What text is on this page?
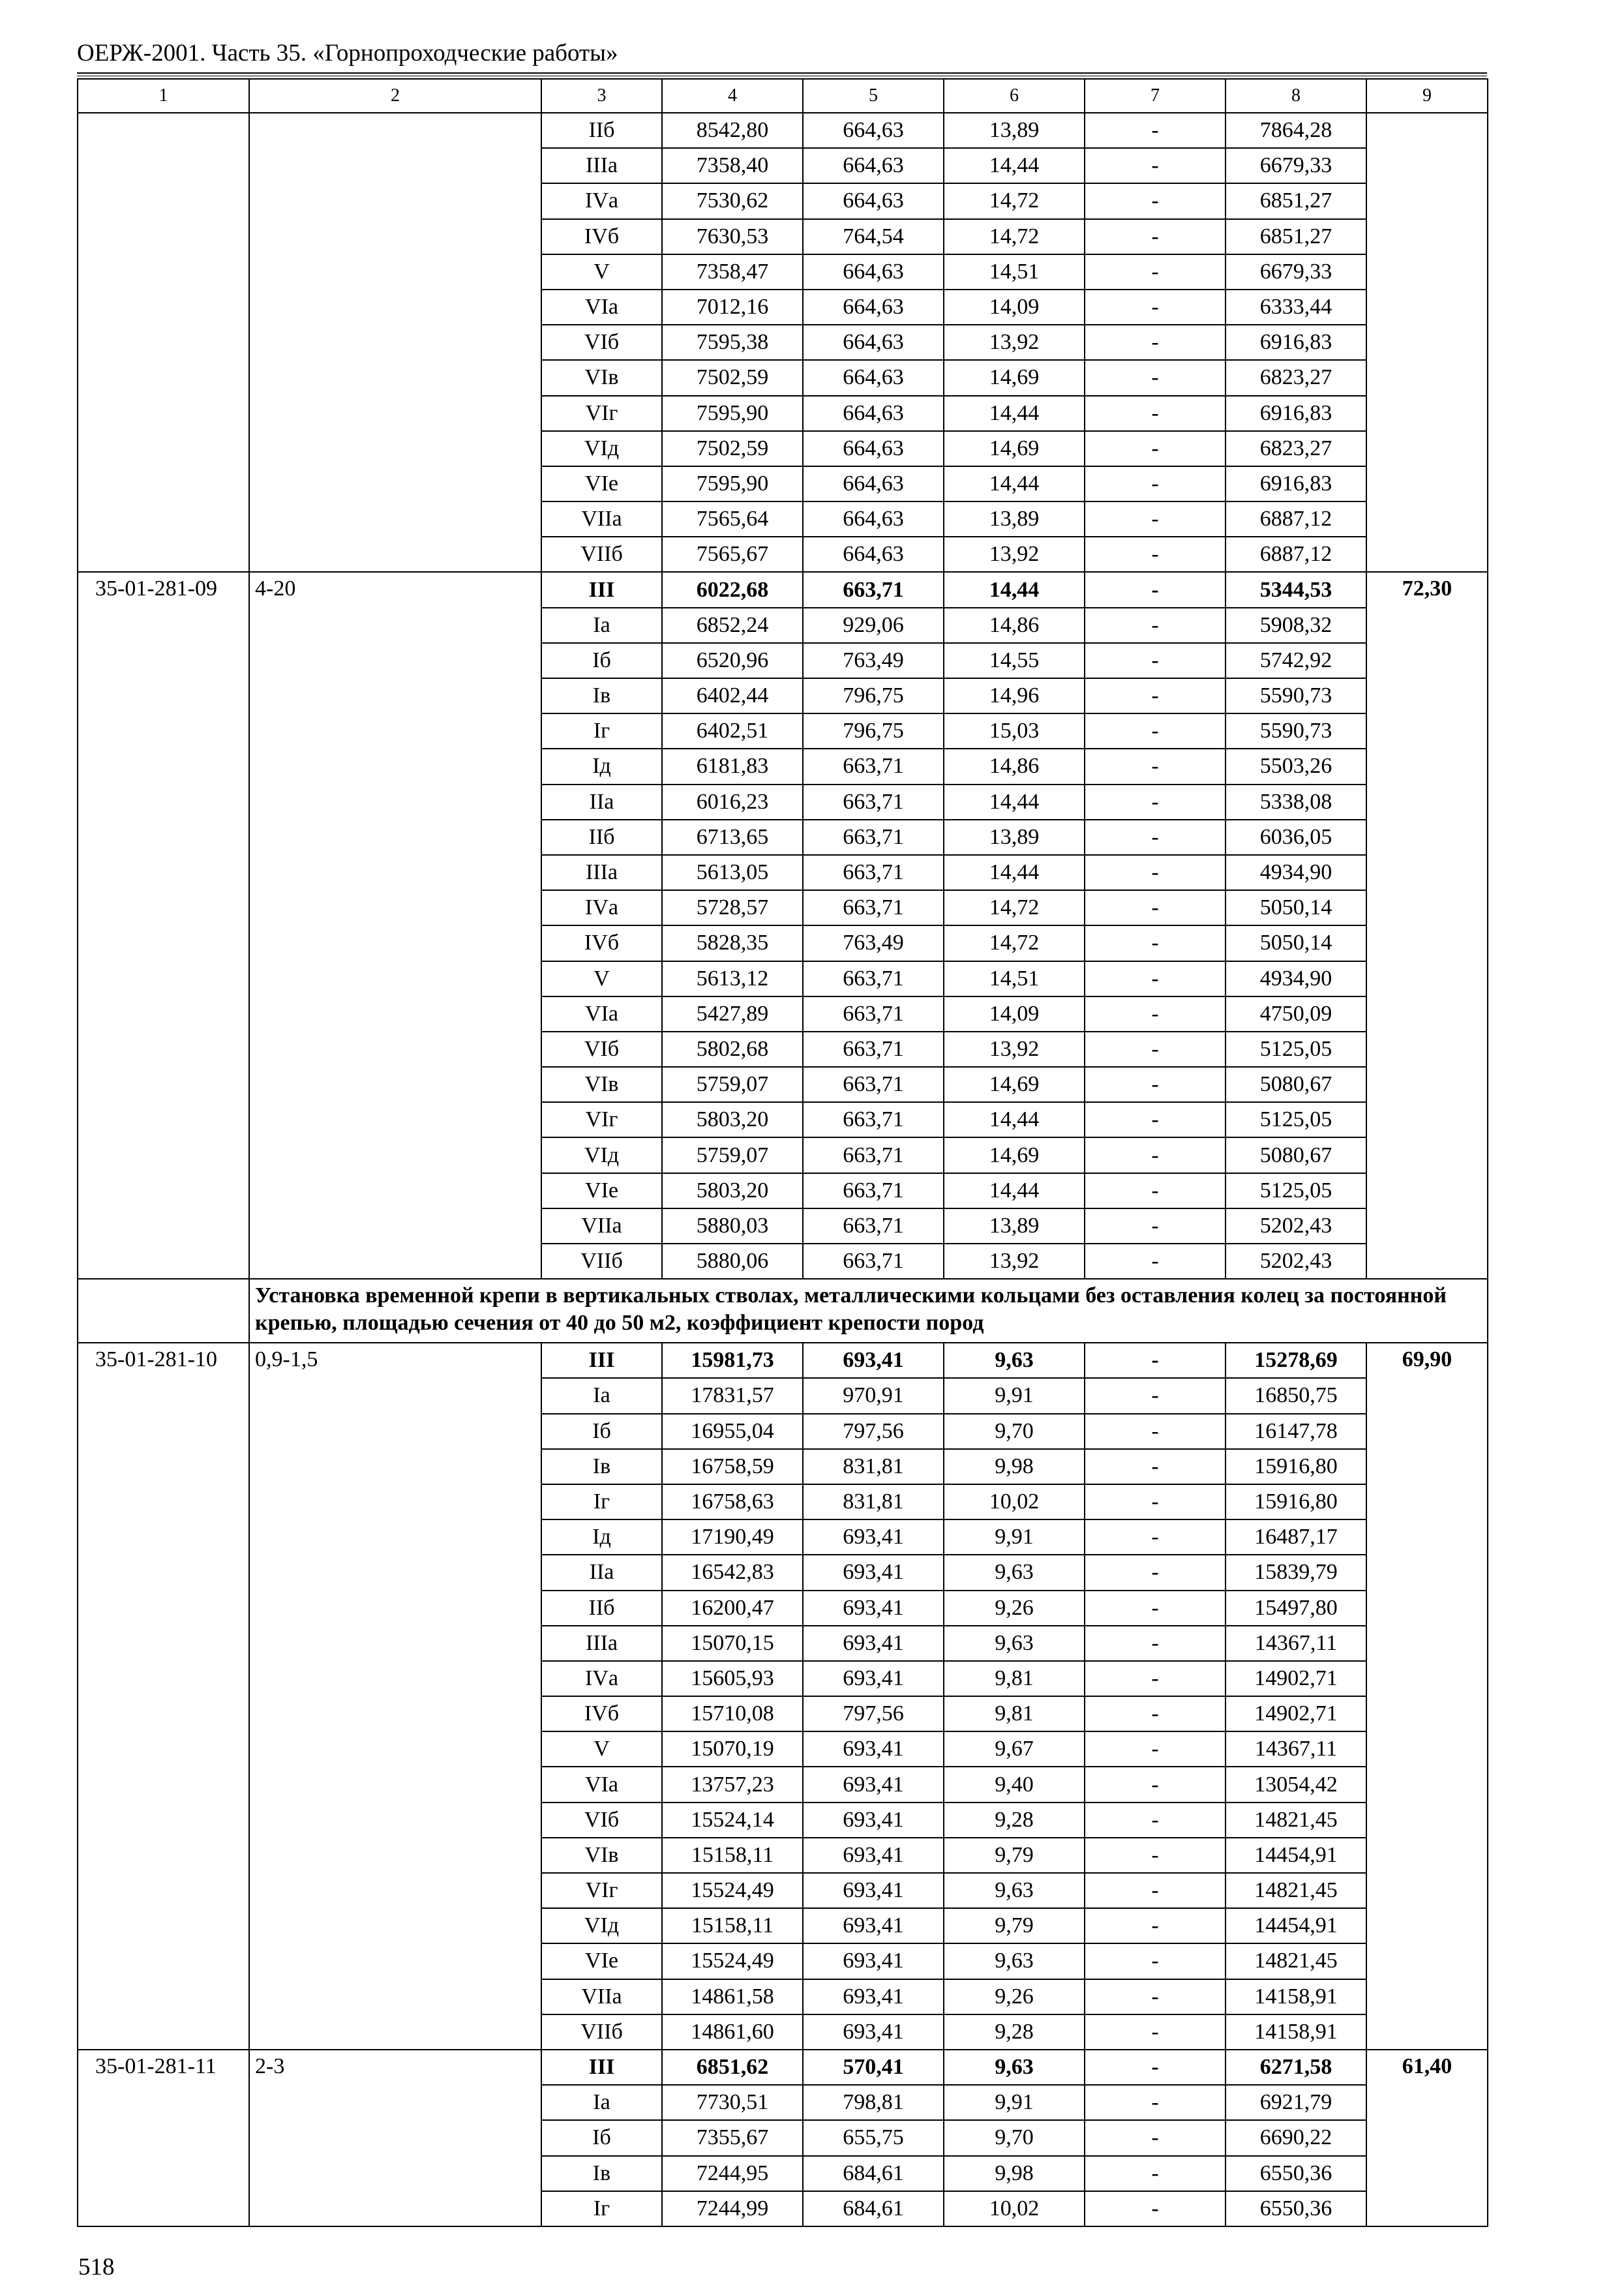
ОЕРЖ-2001. Часть 35. «Горнопроходческие работы»
1	2	3	4	5	6	7	8	9
		IIб	8542,80	664,63	13,89	-	7864,28	
		IIIа	7358,40	664,63	14,44	-	6679,33	
		IVа	7530,62	664,63	14,72	-	6851,27	
		IVб	7630,53	764,54	14,72	-	6851,27	
		V	7358,47	664,63	14,51	-	6679,33	
		VIа	7012,16	664,63	14,09	-	6333,44	
		VIб	7595,38	664,63	13,92	-	6916,83	
		VIв	7502,59	664,63	14,69	-	6823,27	
		VIг	7595,90	664,63	14,44	-	6916,83	
		VIд	7502,59	664,63	14,69	-	6823,27	
		VIе	7595,90	664,63	14,44	-	6916,83	
		VIIа	7565,64	664,63	13,89	-	6887,12	
		VIIб	7565,67	664,63	13,92	-	6887,12	
35-01-281-09	4-20	III	6022,68	663,71	14,44	-	5344,53	72,30
		Iа	6852,24	929,06	14,86	-	5908,32	
		Iб	6520,96	763,49	14,55	-	5742,92	
		Iв	6402,44	796,75	14,96	-	5590,73	
		Iг	6402,51	796,75	15,03	-	5590,73	
		Iд	6181,83	663,71	14,86	-	5503,26	
		IIа	6016,23	663,71	14,44	-	5338,08	
		IIб	6713,65	663,71	13,89	-	6036,05	
		IIIа	5613,05	663,71	14,44	-	4934,90	
		IVа	5728,57	663,71	14,72	-	5050,14	
		IVб	5828,35	763,49	14,72	-	5050,14	
		V	5613,12	663,71	14,51	-	4934,90	
		VIа	5427,89	663,71	14,09	-	4750,09	
		VIб	5802,68	663,71	13,92	-	5125,05	
		VIв	5759,07	663,71	14,69	-	5080,67	
		VIг	5803,20	663,71	14,44	-	5125,05	
		VIд	5759,07	663,71	14,69	-	5080,67	
		VIе	5803,20	663,71	14,44	-	5125,05	
		VIIа	5880,03	663,71	13,89	-	5202,43	
		VIIб	5880,06	663,71	13,92	-	5202,43	
	Установка временной крепи в вертикальных стволах, металлическими кольцами без оставления колец за постоянной крепью, площадью сечения от 40 до 50 м2, коэффициент крепости пород							
35-01-281-10	0,9-1,5	III	15981,73	693,41	9,63	-	15278,69	69,90
		Iа	17831,57	970,91	9,91	-	16850,75	
		Iб	16955,04	797,56	9,70	-	16147,78	
		Iв	16758,59	831,81	9,98	-	15916,80	
		Iг	16758,63	831,81	10,02	-	15916,80	
		Iд	17190,49	693,41	9,91	-	16487,17	
		IIа	16542,83	693,41	9,63	-	15839,79	
		IIб	16200,47	693,41	9,26	-	15497,80	
		IIIа	15070,15	693,41	9,63	-	14367,11	
		IVа	15605,93	693,41	9,81	-	14902,71	
		IVб	15710,08	797,56	9,81	-	14902,71	
		V	15070,19	693,41	9,67	-	14367,11	
		VIа	13757,23	693,41	9,40	-	13054,42	
		VIб	15524,14	693,41	9,28	-	14821,45	
		VIв	15158,11	693,41	9,79	-	14454,91	
		VIг	15524,49	693,41	9,63	-	14821,45	
		VIд	15158,11	693,41	9,79	-	14454,91	
		VIе	15524,49	693,41	9,63	-	14821,45	
		VIIа	14861,58	693,41	9,26	-	14158,91	
		VIIб	14861,60	693,41	9,28	-	14158,91	
35-01-281-11	2-3	III	6851,62	570,41	9,63	-	6271,58	61,40
		Iа	7730,51	798,81	9,91	-	6921,79	
		Iб	7355,67	655,75	9,70	-	6690,22	
		Iв	7244,95	684,61	9,98	-	6550,36	
		Iг	7244,99	684,61	10,02	-	6550,36	
518
